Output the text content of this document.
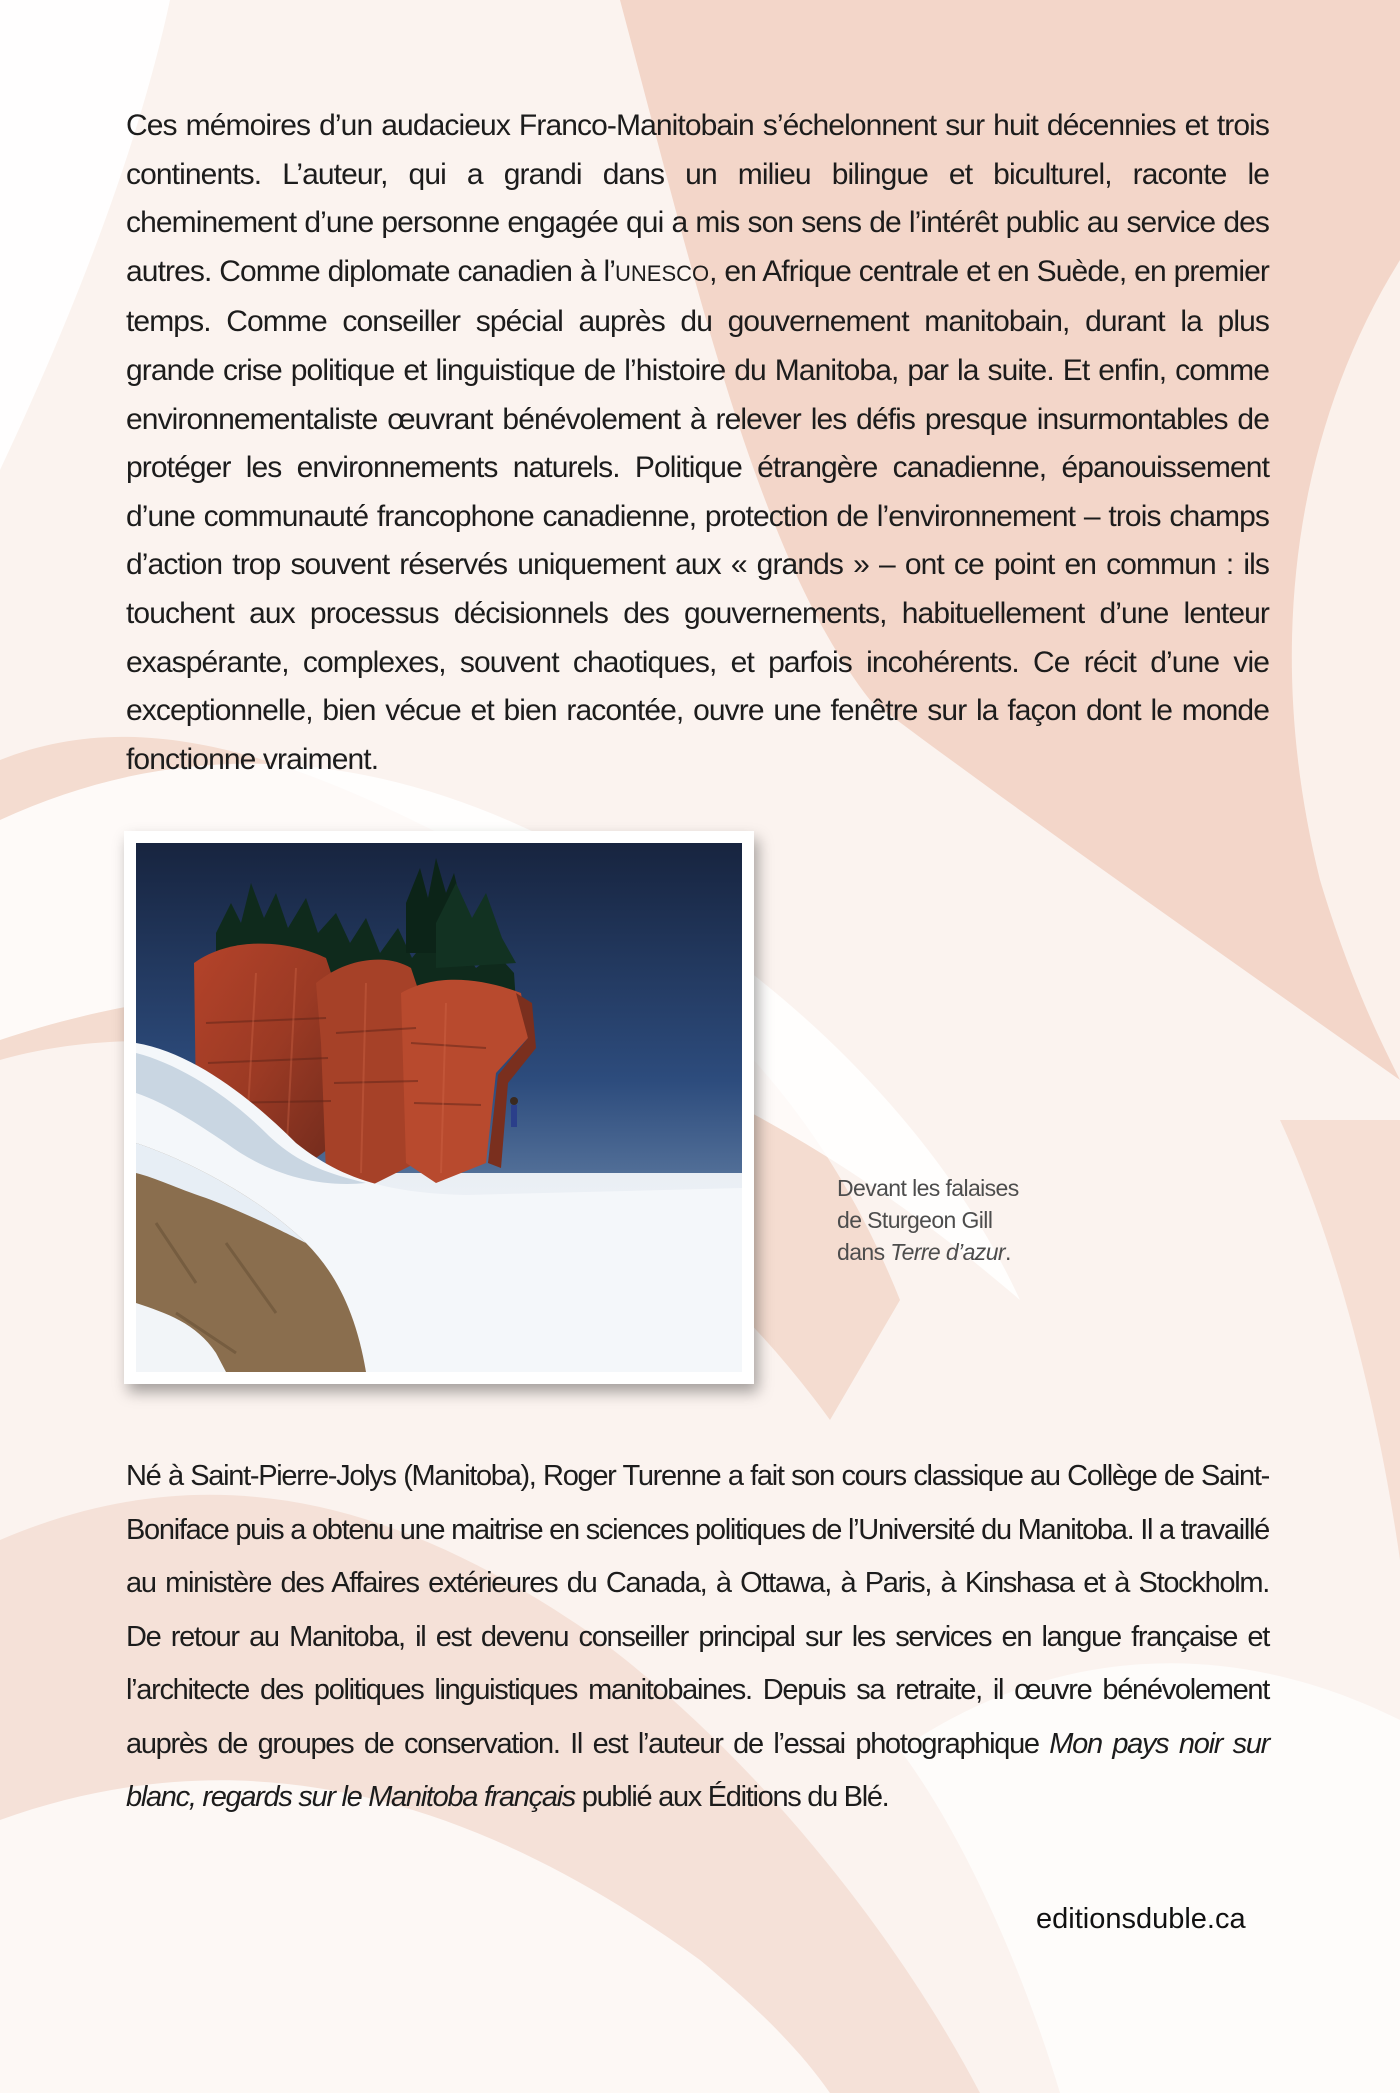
Ces mémoires d’un audacieux Franco-Manitobain s’échelonnent sur huit décennies et trois continents. L’auteur, qui a grandi dans un milieu bilingue et biculturel, raconte le cheminement d’une personne engagée qui a mis son sens de l’intérêt public au service des autres. Comme diplomate canadien à l’UNESCO, en Afrique centrale et en Suède, en premier temps. Comme conseiller spécial auprès du gouvernement manitobain, durant la plus grande crise politique et linguistique de l’histoire du Manitoba, par la suite. Et enfin, comme environnementaliste œuvrant bénévolement à relever les défis presque insurmontables de protéger les environnements naturels. Politique étrangère canadienne, épanouissement d’une communauté francophone canadienne, protection de l’environnement – trois champs d’action trop souvent réservés uniquement aux « grands » – ont ce point en commun : ils touchent aux processus décisionnels des gouvernements, habituellement d’une lenteur exaspérante, complexes, souvent chaotiques, et parfois incohérents. Ce récit d’une vie exceptionnelle, bien vécue et bien racontée, ouvre une fenêtre sur la façon dont le monde fonctionne vraiment.

Devant les falaises
de Sturgeon Gill
dans Terre d’azur.

Né à Saint-Pierre-Jolys (Manitoba), Roger Turenne a fait son cours classique au Collège de Saint-Boniface puis a obtenu une maitrise en sciences politiques de l’Université du Manitoba. Il a travaillé au ministère des Affaires extérieures du Canada, à Ottawa, à Paris, à Kinshasa et à Stockholm. De retour au Manitoba, il est devenu conseiller principal sur les services en langue française et l’architecte des politiques linguistiques manitobaines. Depuis sa retraite, il œuvre bénévolement auprès de groupes de conservation. Il est l’auteur de l’essai photographique Mon pays noir sur blanc, regards sur le Manitoba français publié aux Éditions du Blé.

editionsduble.ca
